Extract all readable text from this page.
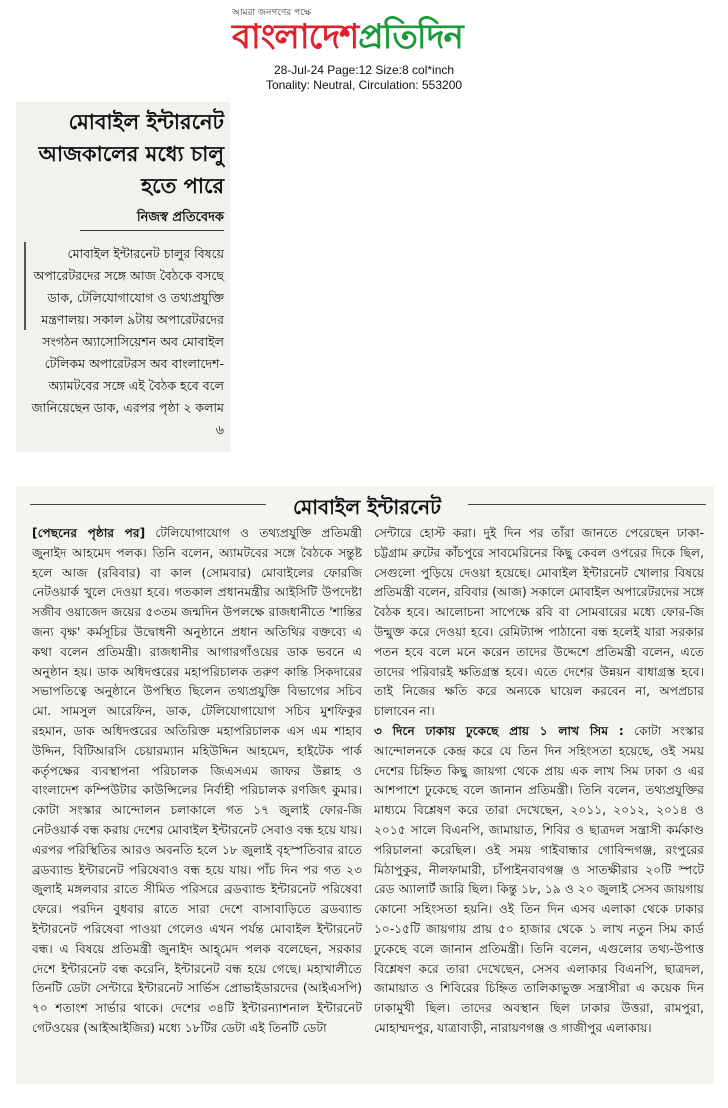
আমরা জনগণের পক্ষে
বাংলাদেশপ্রতিদিন
28-Jul-24 Page:12 Size:8 col*inch
Tonality: Neutral, Circulation: 553200
মোবাইল ইন্টারনেট আজকালের মধ্যে চালু হতে পারে
নিজস্ব প্রতিবেদক
মোবাইল ইন্টারনেট চালুর বিষয়ে অপারেটরদের সঙ্গে আজ বৈঠকে বসছে ডাক, টেলিযোগাযোগ ও তথ্যপ্রযুক্তি মন্ত্রণালয়। সকাল ৯টায় অপারেটরদের সংগঠন অ্যাসোসিয়েশন অব মোবাইল টেলিকম অপারেটরস অব বাংলাদেশ-অ্যামটবের সঙ্গে এই বৈঠক হবে বলে জানিয়েছেন ডাক, এরপর পৃষ্ঠা ২ কলাম ৬
মোবাইল ইন্টারনেট

[পেছনের পৃষ্ঠার পর] টেলিযোগাযোগ ও তথ্যপ্রযুক্তি প্রতিমন্ত্রী জুনাইদ আহমেদ পলক। তিনি বলেন, অ্যামটবের সঙ্গে বৈঠকে সন্তুষ্ট হলে আজ (রবিবার) বা কাল (সোমবার) মোবাইলের ফোরজি নেটওয়ার্ক খুলে দেওয়া হবে। গতকাল প্রধানমন্ত্রীর আইসিটি উপদেষ্টা সজীব ওয়াজেদ জয়ের ৫৩তম জন্মদিন উপলক্ষে রাজধানীতে 'শান্তির জন্য বৃক্ষ' কর্মসূচির উদ্বোধনী অনুষ্ঠানে প্রধান অতিথির বক্তব্যে এ কথা বলেন প্রতিমন্ত্রী। রাজধানীর আগারগাঁওয়ের ডাক ভবনে এ অনুষ্ঠান হয়। ডাক অধিদপ্তরের মহাপরিচালক তরুণ কান্তি সিকদারের সভাপতিত্বে অনুষ্ঠানে উপস্থিত ছিলেন তথ্যপ্রযুক্তি বিভাগের সচিব মো. সামসুল আরেফিন, ডাক, টেলিযোগাযোগ সচিব মুশফিকুর রহমান, ডাক অধিদপ্তরের অতিরিক্ত মহাপরিচালক এস এম শাহাব উদ্দিন, বিটিআরসি চেয়ারম্যান মহিউদ্দিন আহমেদ, হাইটেক পার্ক কর্তৃপক্ষের ব্যবস্থাপনা পরিচালক জিএসএম জাফর উল্লাহ ও বাংলাদেশ কম্পিউটার কাউন্সিলের নির্বাহী পরিচালক রণজিৎ কুমার। কোটা সংস্কার আন্দোলন চলাকালে গত ১৭ জুলাই ফোর-জি নেটওয়ার্ক বন্ধ করায় দেশের মোবাইল ইন্টারনেট সেবাও বন্ধ হয়ে যায়। এরপর পরিস্থিতির আরও অবনতি হলে ১৮ জুলাই বৃহস্পতিবার রাতে ব্রডব্যান্ড ইন্টারনেট পরিষেবাও বন্ধ হয়ে যায়। পাঁচ দিন পর গত ২৩ জুলাই মঙ্গলবার রাতে সীমিত পরিসরে ব্রডব্যান্ড ইন্টারনেট পরিষেবা ফেরে। পরদিন বুধবার রাতে সারা দেশে বাসাবাড়িতে ব্রডব্যান্ড ইন্টারনেট পরিষেবা পাওয়া গেলেও এখন পর্যন্ত মোবাইল ইন্টারনেট বন্ধ। এ বিষয়ে প্রতিমন্ত্রী জুনাইদ আহ্‌মেদ পলক বলেছেন, সরকার দেশে ইন্টারনেট বন্ধ করেনি, ইন্টারনেট বন্ধ হয়ে গেছে। মহাখালীতে তিনটি ডেটা সেন্টারে ইন্টারনেট সার্ভিস প্রোভাইডারদের (আইএসপি) ৭০ শতাংশ সার্ভার থাকে। দেশের ৩৪টি ইন্টারন্যাশনাল ইন্টারনেট গেটওয়ের (আইআইজির) মধ্যে ১৮টির ডেটা এই তিনটি ডেটা

সেন্টারে হোস্ট করা। দুই দিন পর তাঁরা জানতে পেরেছেন ঢাকা-চট্টগ্রাম রুটের কাঁচপুরে সাবমেরিনের কিছু কেবল ওপরের দিকে ছিল, সেগুলো পুড়িয়ে দেওয়া হয়েছে। মোবাইল ইন্টারনেট খোলার বিষয়ে প্রতিমন্ত্রী বলেন, রবিবার (আজ) সকালে মোবাইল অপারেটরদের সঙ্গে বৈঠক হবে। আলোচনা সাপেক্ষে রবি বা সোমবারের মধ্যে ফোর-জি উন্মুক্ত করে দেওয়া হবে। রেমিট্যান্স পাঠানো বন্ধ হলেই যারা সরকার পতন হবে বলে মনে করেন তাদের উদ্দেশে প্রতিমন্ত্রী বলেন, এতে তাদের পরিবারই ক্ষতিগ্রস্ত হবে। এতে দেশের উন্নয়ন বাধাগ্রস্ত হবে। তাই নিজের ক্ষতি করে অন্যকে ঘায়েল করবেন না, অপপ্রচার চালাবেন না।

৩ দিনে ঢাকায় ঢুকেছে প্রায় ১ লাখ সিম : কোটা সংস্কার আন্দোলনকে কেন্দ্র করে যে তিন দিন সহিংসতা হয়েছে, ওই সময় দেশের চিহ্নিত কিছু জায়গা থেকে প্রায় এক লাখ সিম ঢাকা ও এর আশপাশে ঢুকেছে বলে জানান প্রতিমন্ত্রী। তিনি বলেন, তথ্যপ্রযুক্তির মাধ্যমে বিশ্লেষণ করে তারা দেখেছেন, ২০১১, ২০১২, ২০১৪ ও ২০১৫ সালে বিএনপি, জামায়াত, শিবির ও ছাত্রদল সন্ত্রাসী কর্মকাণ্ড পরিচালনা করেছিল। ওই সময় গাইবান্ধার গোবিন্দগঞ্জ, রংপুরের মিঠাপুকুর, নীলফামারী, চাঁপাইনবাবগঞ্জ ও সাতক্ষীরার ২০টি স্পটে রেড অ্যালার্ট জারি ছিল। কিন্তু ১৮, ১৯ ও ২০ জুলাই সেসব জায়গায় কোনো সহিংসতা হয়নি। ওই তিন দিন এসব এলাকা থেকে ঢাকার ১০-১৫টি জায়গায় প্রায় ৫০ হাজার থেকে ১ লাখ নতুন সিম কার্ড ঢুকেছে বলে জানান প্রতিমন্ত্রী। তিনি বলেন, এগুলোর তথ্য-উপাত্ত বিশ্লেষণ করে তারা দেখেছেন, সেসব এলাকার বিএনপি, ছাত্রদল, জামায়াত ও শিবিরের চিহ্নিত তালিকাভুক্ত সন্ত্রাসীরা এ কয়েক দিন ঢাকামুখী ছিল। তাদের অবস্থান ছিল ঢাকার উত্তরা, রামপুরা, মোহাম্মদপুর, যাত্রাবাড়ী, নারায়ণগঞ্জ ও গাজীপুর এলাকায়।
